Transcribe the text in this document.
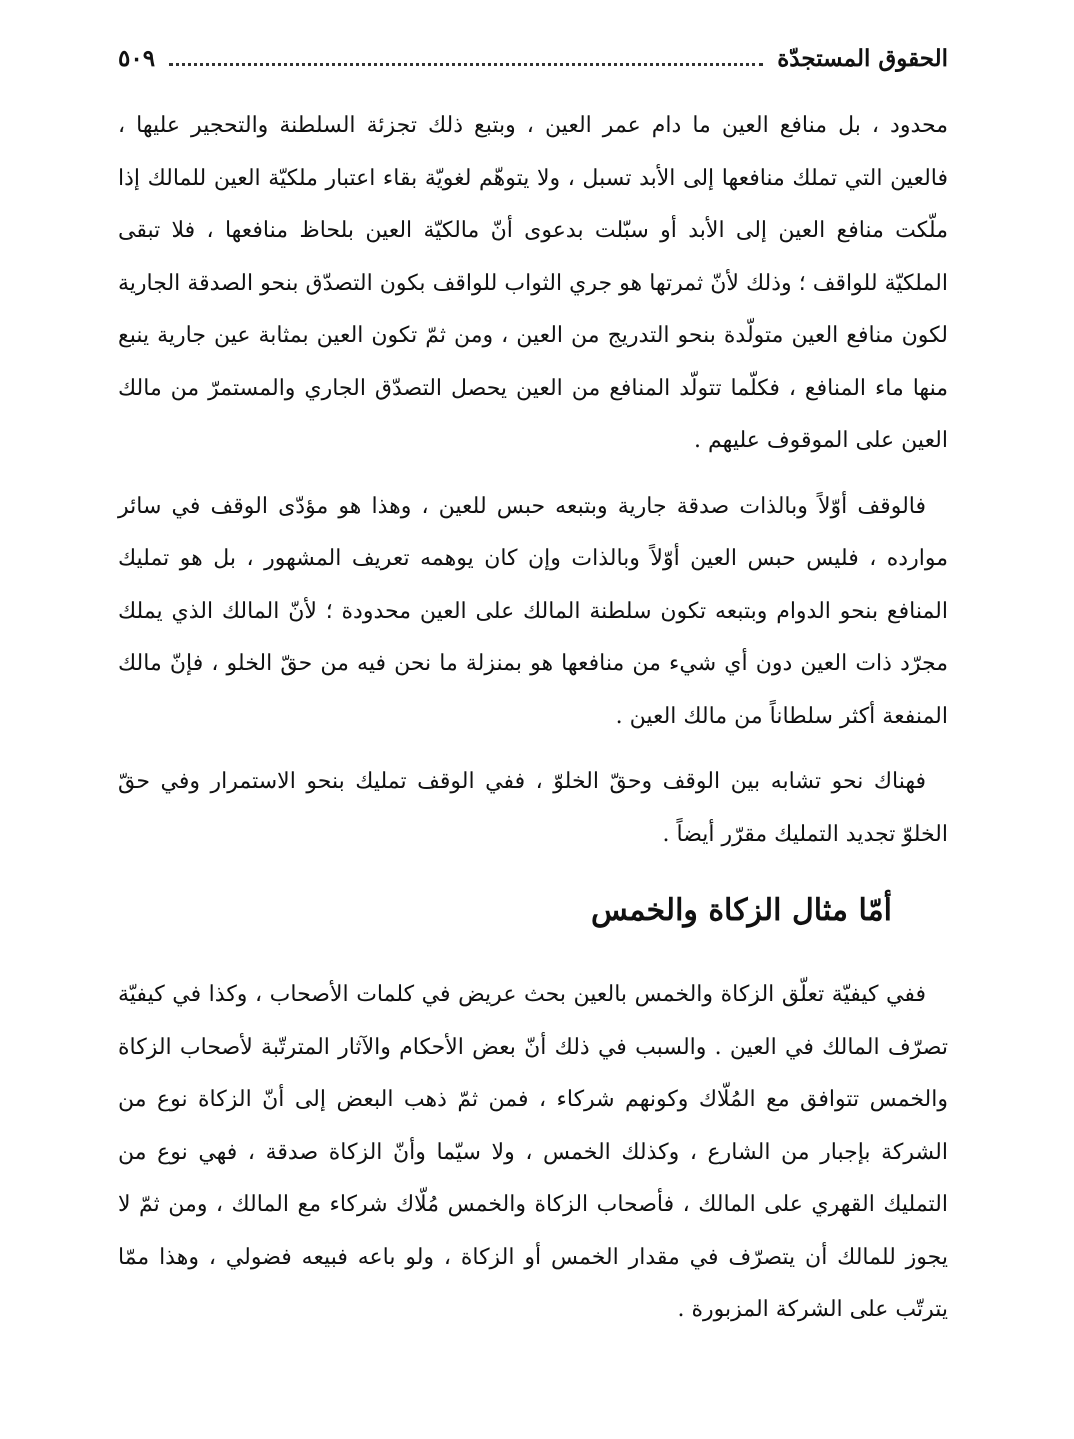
الحقوق المستجدّة
٥٠٩

محدود ، بل منافع العين ما دام عمر العين ، وبتبع ذلك تجزئة السلطنة والتحجير عليها ، فالعين التي تملك منافعها إلى الأبد تسبل ، ولا يتوهّم لغويّة بقاء اعتبار ملكيّة العين للمالك إذا ملّكت منافع العين إلى الأبد أو سبّلت بدعوى أنّ مالكيّة العين بلحاظ منافعها ، فلا تبقى الملكيّة للواقف ؛ وذلك لأنّ ثمرتها هو جري الثواب للواقف بكون التصدّق بنحو الصدقة الجارية لكون منافع العين متولّدة بنحو التدريج من العين ، ومن ثمّ تكون العين بمثابة عين جارية ينبع منها ماء المنافع ، فكلّما تتولّد المنافع من العين يحصل التصدّق الجاري والمستمرّ من مالك العين على الموقوف عليهم .

فالوقف أوّلاً وبالذات صدقة جارية وبتبعه حبس للعين ، وهذا هو مؤدّى الوقف في سائر موارده ، فليس حبس العين أوّلاً وبالذات وإن كان يوهمه تعريف المشهور ، بل هو تمليك المنافع بنحو الدوام وبتبعه تكون سلطنة المالك على العين محدودة ؛ لأنّ المالك الذي يملك مجرّد ذات العين دون أي شيء من منافعها هو بمنزلة ما نحن فيه من حقّ الخلو ، فإنّ مالك المنفعة أكثر سلطاناً من مالك العين .

فهناك نحو تشابه بين الوقف وحقّ الخلوّ ، ففي الوقف تمليك بنحو الاستمرار وفي حقّ الخلوّ تجديد التمليك مقرّر أيضاً .

أمّا مثال الزكاة والخمس

ففي كيفيّة تعلّق الزكاة والخمس بالعين بحث عريض في كلمات الأصحاب ، وكذا في كيفيّة تصرّف المالك في العين . والسبب في ذلك أنّ بعض الأحكام والآثار المترتّبة لأصحاب الزكاة والخمس تتوافق مع المُلّاك وكونهم شركاء ، فمن ثمّ ذهب البعض إلى أنّ الزكاة نوع من الشركة بإجبار من الشارع ، وكذلك الخمس ، ولا سيّما وأنّ الزكاة صدقة ، فهي نوع من التمليك القهري على المالك ، فأصحاب الزكاة والخمس مُلّاك شركاء مع المالك ، ومن ثمّ لا يجوز للمالك أن يتصرّف في مقدار الخمس أو الزكاة ، ولو باعه فبيعه فضولي ، وهذا ممّا يترتّب على الشركة المزبورة .
